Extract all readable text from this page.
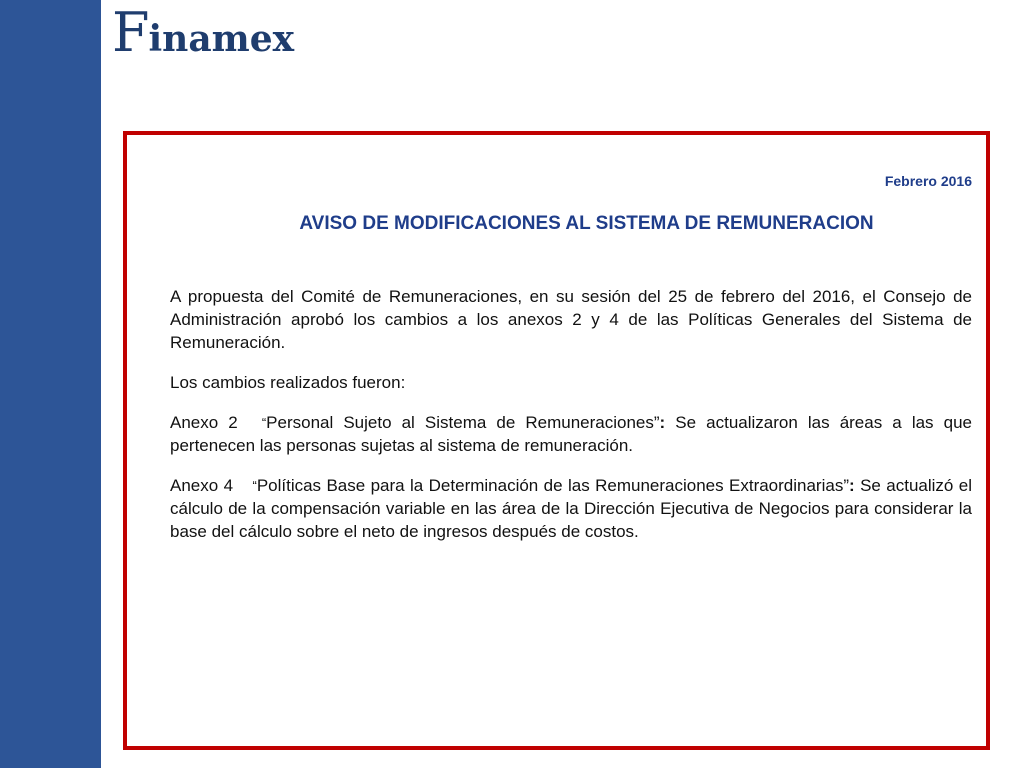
Finamex
Febrero 2016
AVISO DE MODIFICACIONES AL SISTEMA DE REMUNERACION

A propuesta del Comité de Remuneraciones, en su sesión del 25 de febrero del 2016, el Consejo de Administración aprobó los cambios a los anexos 2 y 4 de las Políticas Generales del Sistema de Remuneración.

Los cambios realizados fueron:

Anexo 2 “Personal Sujeto al Sistema de Remuneraciones”: Se actualizaron las áreas a las que pertenecen las personas sujetas al sistema de remuneración.

Anexo 4 “Políticas Base para la Determinación de las Remuneraciones Extraordinarias”: Se actualizó el cálculo de la compensación variable en las área de la Dirección Ejecutiva de Negocios para considerar la base del cálculo sobre el neto de ingresos después de costos.
